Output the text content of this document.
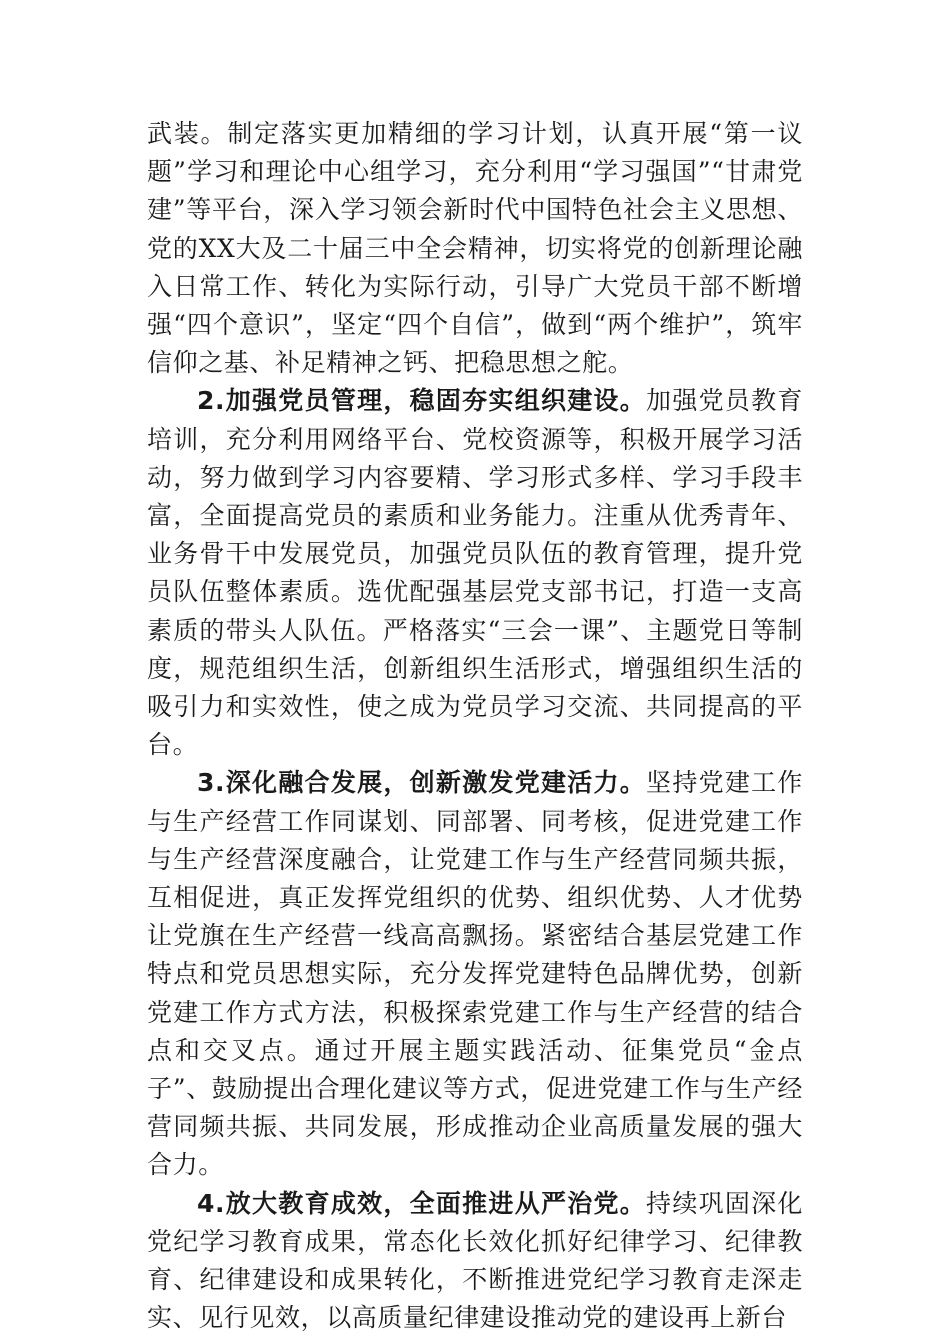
武装。制定落实更加精细的学习计划，认真开展“第一议题”学习和理论中心组学习，充分利用“学习强国”“甘肃党建”等平台，深入学习领会新时代中国特色社会主义思想、党的XX大及二十届三中全会精神，切实将党的创新理论融入日常工作、转化为实际行动，引导广大党员干部不断增强“四个意识”，坚定“四个自信”，做到“两个维护”，筑牢信仰之基、补足精神之钙、把稳思想之舵。

2.加强党员管理，稳固夯实组织建设。加强党员教育培训，充分利用网络平台、党校资源等，积极开展学习活动，努力做到学习内容要精、学习形式多样、学习手段丰富，全面提高党员的素质和业务能力。注重从优秀青年、业务骨干中发展党员，加强党员队伍的教育管理，提升党员队伍整体素质。选优配强基层党支部书记，打造一支高素质的带头人队伍。严格落实“三会一课”、主题党日等制度，规范组织生活，创新组织生活形式，增强组织生活的吸引力和实效性，使之成为党员学习交流、共同提高的平台。

3.深化融合发展，创新激发党建活力。坚持党建工作与生产经营工作同谋划、同部署、同考核，促进党建工作与生产经营深度融合，让党建工作与生产经营同频共振，互相促进，真正发挥党组织的优势、组织优势、人才优势让党旗在生产经营一线高高飘扬。紧密结合基层党建工作特点和党员思想实际，充分发挥党建特色品牌优势，创新党建工作方式方法，积极探索党建工作与生产经营的结合点和交叉点。通过开展主题实践活动、征集党员“金点子”、鼓励提出合理化建议等方式，促进党建工作与生产经营同频共振、共同发展，形成推动企业高质量发展的强大合力。

4.放大教育成效，全面推进从严治党。持续巩固深化党纪学习教育成果，常态化长效化抓好纪律学习、纪律教育、纪律建设和成果转化，不断推进党纪学习教育走深走实、见行见效，以高质量纪律建设推动党的建设再上新台
